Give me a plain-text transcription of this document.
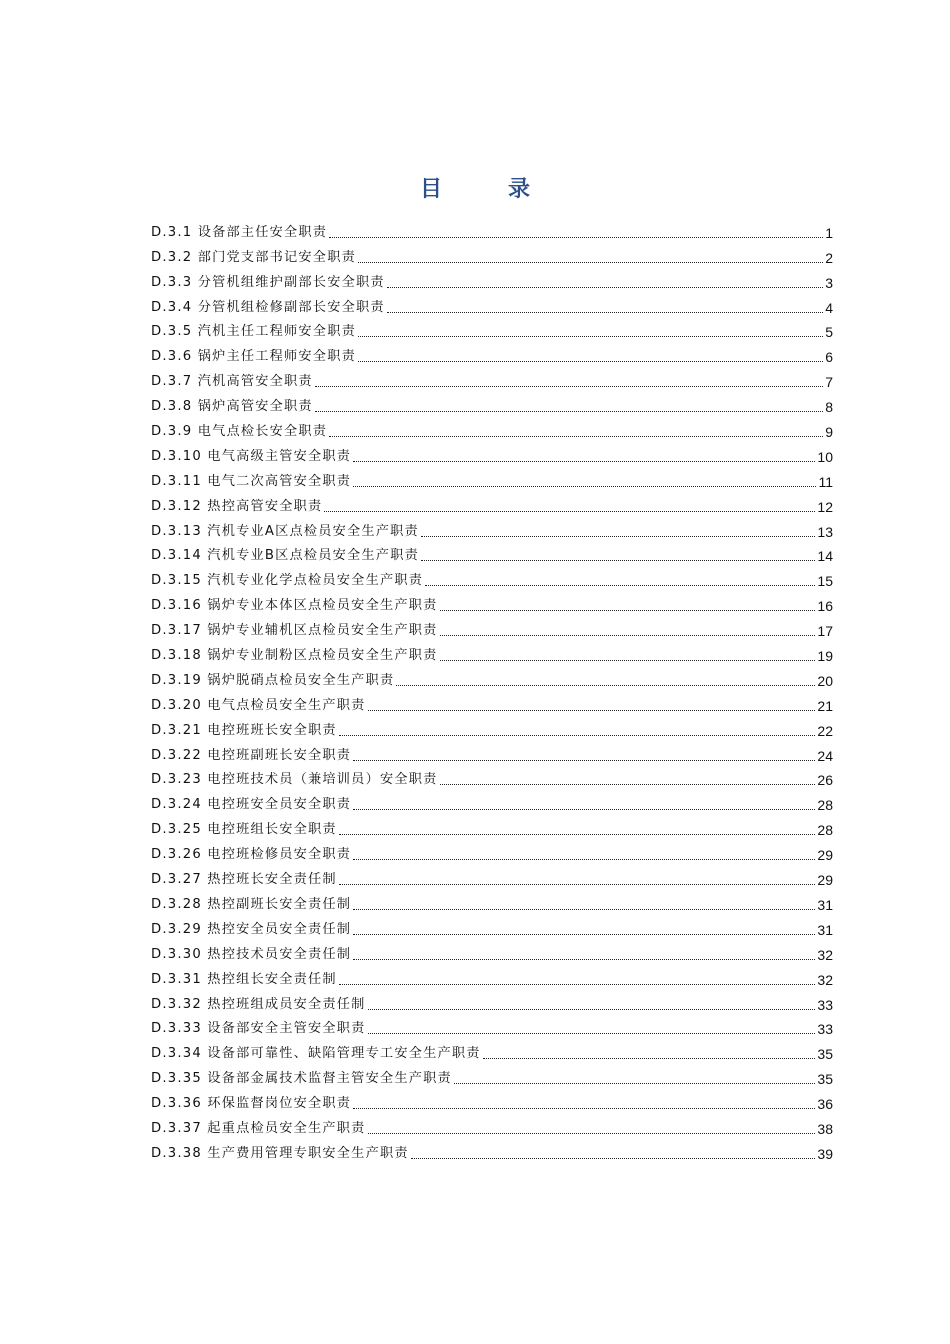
目　录
D.3.1 设备部主任安全职责	1
D.3.2 部门党支部书记安全职责	2
D.3.3 分管机组维护副部长安全职责	3
D.3.4 分管机组检修副部长安全职责	4
D.3.5 汽机主任工程师安全职责	5
D.3.6 锅炉主任工程师安全职责	6
D.3.7 汽机高管安全职责	7
D.3.8 锅炉高管安全职责	8
D.3.9 电气点检长安全职责	9
D.3.10 电气高级主管安全职责	10
D.3.11 电气二次高管安全职责	11
D.3.12 热控高管安全职责	12
D.3.13 汽机专业A区点检员安全生产职责	13
D.3.14 汽机专业B区点检员安全生产职责	14
D.3.15 汽机专业化学点检员安全生产职责	15
D.3.16 锅炉专业本体区点检员安全生产职责	16
D.3.17 锅炉专业辅机区点检员安全生产职责	17
D.3.18 锅炉专业制粉区点检员安全生产职责	19
D.3.19 锅炉脱硝点检员安全生产职责	20
D.3.20 电气点检员安全生产职责	21
D.3.21 电控班班长安全职责	22
D.3.22 电控班副班长安全职责	24
D.3.23 电控班技术员（兼培训员）安全职责	26
D.3.24 电控班安全员安全职责	28
D.3.25 电控班组长安全职责	28
D.3.26 电控班检修员安全职责	29
D.3.27 热控班长安全责任制	29
D.3.28 热控副班长安全责任制	31
D.3.29 热控安全员安全责任制	31
D.3.30 热控技术员安全责任制	32
D.3.31 热控组长安全责任制	32
D.3.32 热控班组成员安全责任制	33
D.3.33 设备部安全主管安全职责	33
D.3.34 设备部可靠性、缺陷管理专工安全生产职责	35
D.3.35 设备部金属技术监督主管安全生产职责	35
D.3.36 环保监督岗位安全职责	36
D.3.37 起重点检员安全生产职责	38
D.3.38 生产费用管理专职安全生产职责	39
